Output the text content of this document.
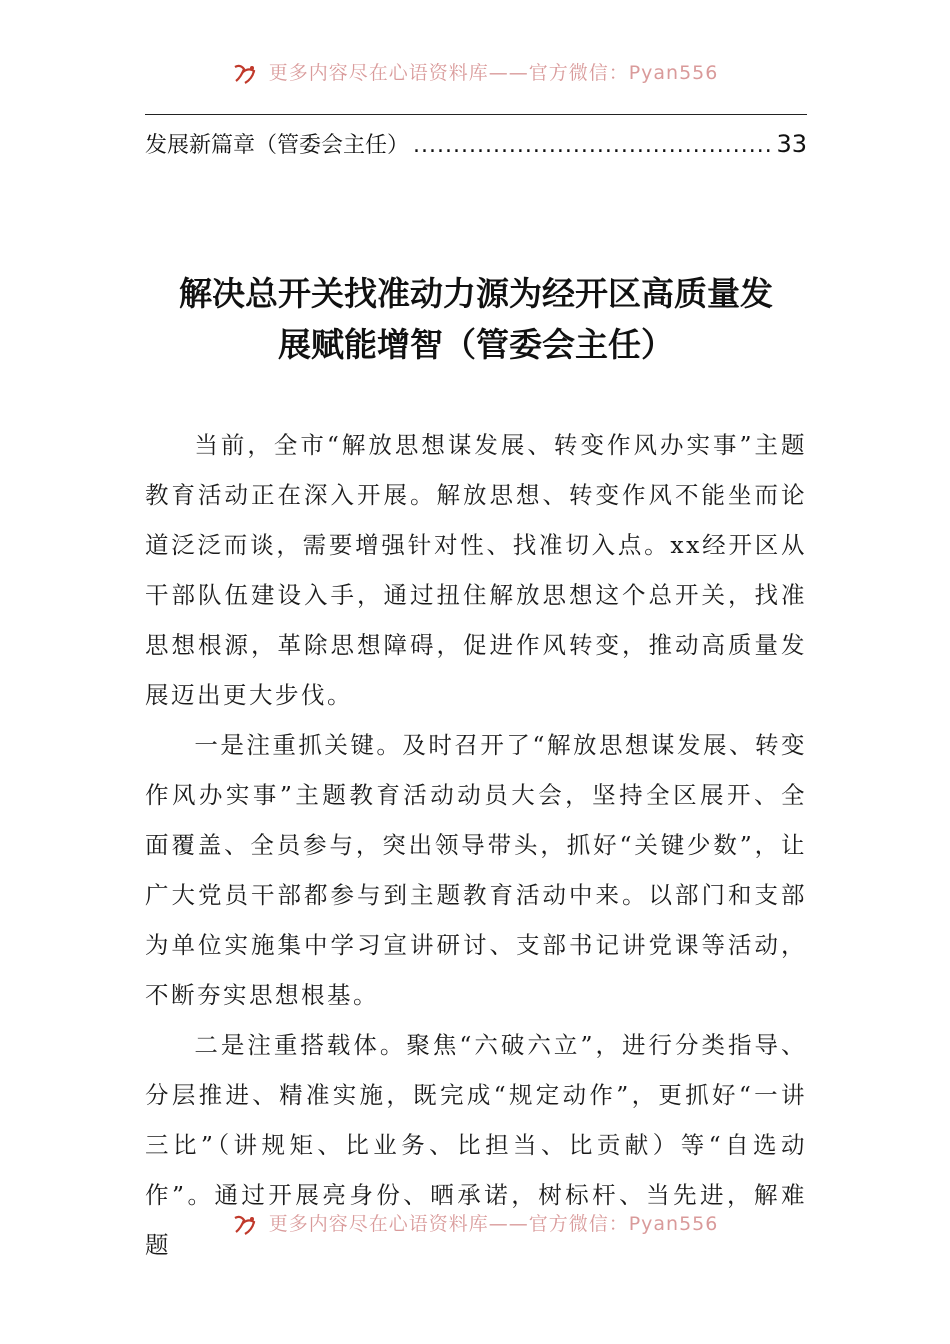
更多内容尽在心语资料库——官方微信：Pyan556
发展新篇章（管委会主任）
.....	33
解决总开关找准动力源为经开区高质量发
展赋能增智（管委会主任）

当前，全市“解放思想谋发展、转变作风办实事”主题教育活动正在深入开展。解放思想、转变作风不能坐而论道泛泛而谈，需要增强针对性、找准切入点。xx经开区从干部队伍建设入手，通过扭住解放思想这个总开关，找准思想根源，革除思想障碍，促进作风转变，推动高质量发展迈出更大步伐。

一是注重抓关键。及时召开了“解放思想谋发展、转变作风办实事”主题教育活动动员大会，坚持全区展开、全面覆盖、全员参与，突出领导带头，抓好“关键少数”，让广大党员干部都参与到主题教育活动中来。以部门和支部为单位实施集中学习宣讲研讨、支部书记讲党课等活动，不断夯实思想根基。

二是注重搭载体。聚焦“六破六立”，进行分类指导、分层推进、精准实施，既完成“规定动作”，更抓好“一讲三比”（讲规矩、比业务、比担当、比贡献）等“自选动作”。通过开展亮身份、晒承诺，树标杆、当先进，解难题

更多内容尽在心语资料库——官方微信：Pyan556
